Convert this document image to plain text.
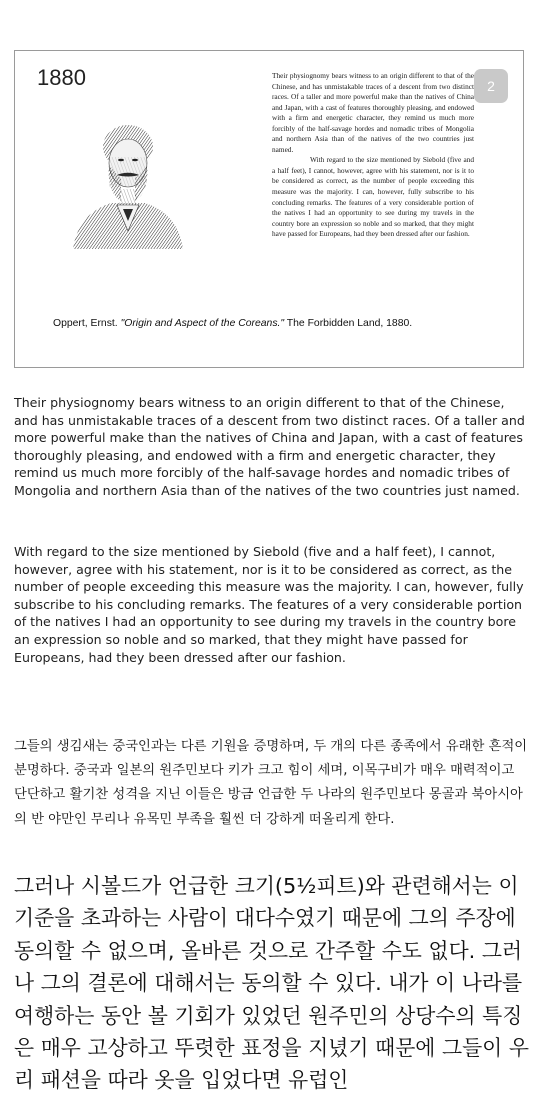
1880	2

Their physiognomy bears witness to an origin different to that of the Chinese, and has unmistakable traces of a descent from two distinct races. Of a taller and more powerful make than the natives of China and Japan, with a cast of features thoroughly pleasing, and endowed with a firm and energetic character, they remind us much more forcibly of the half-savage hordes and nomadic tribes of Mongolia and northern Asia than of the natives of the two countries just named.

With regard to the size mentioned by Siebold (five and a half feet), I cannot, however, agree with his statement, nor is it to be considered as correct, as the number of people exceeding this measure was the majority. I can, however, fully subscribe to his concluding remarks. The features of a very considerable portion of the natives I had an opportunity to see during my travels in the country bore an expression so noble and so marked, that they might have passed for Europeans, had they been dressed after our fashion.

Oppert, Ernst. "Origin and Aspect of the Coreans." The Forbidden Land, 1880.

Their physiognomy bears witness to an origin different to that of the Chinese, and has unmistakable traces of a descent from two distinct races. Of a taller and more powerful make than the natives of China and Japan, with a cast of features thoroughly pleasing, and endowed with a firm and energetic character, they remind us much more forcibly of the half-savage hordes and nomadic tribes of Mongolia and northern Asia than of the natives of the two countries just named.

With regard to the size mentioned by Siebold (five and a half feet), I cannot, however, agree with his statement, nor is it to be considered as correct, as the number of people exceeding this measure was the majority. I can, however, fully subscribe to his concluding remarks. The features of a very considerable portion of the natives I had an opportunity to see during my travels in the country bore an expression so noble and so marked, that they might have passed for Europeans, had they been dressed after our fashion.

그들의 생김새는 중국인과는 다른 기원을 증명하며, 두 개의 다른 종족에서 유래한 흔적이 분명하다. 중국과 일본의 원주민보다 키가 크고 힘이 세며, 이목구비가 매우 매력적이고 단단하고 활기찬 성격을 지닌 이들은 방금 언급한 두 나라의 원주민보다 몽골과 북아시아의 반 야만인 무리나 유목민 부족을 훨씬 더 강하게 떠올리게 한다.

그러나 시볼드가 언급한 크기(5½피트)와 관련해서는 이 기준을 초과하는 사람이 대다수였기 때문에 그의 주장에 동의할 수 없으며, 올바른 것으로 간주할 수도 없다. 그러나 그의 결론에 대해서는 동의할 수 있다. 내가 이 나라를 여행하는 동안 볼 기회가 있었던 원주민의 상당수의 특징은 매우 고상하고 뚜렷한 표정을 지녔기 때문에 그들이 우리 패션을 따라 옷을 입었다면 유럽인
